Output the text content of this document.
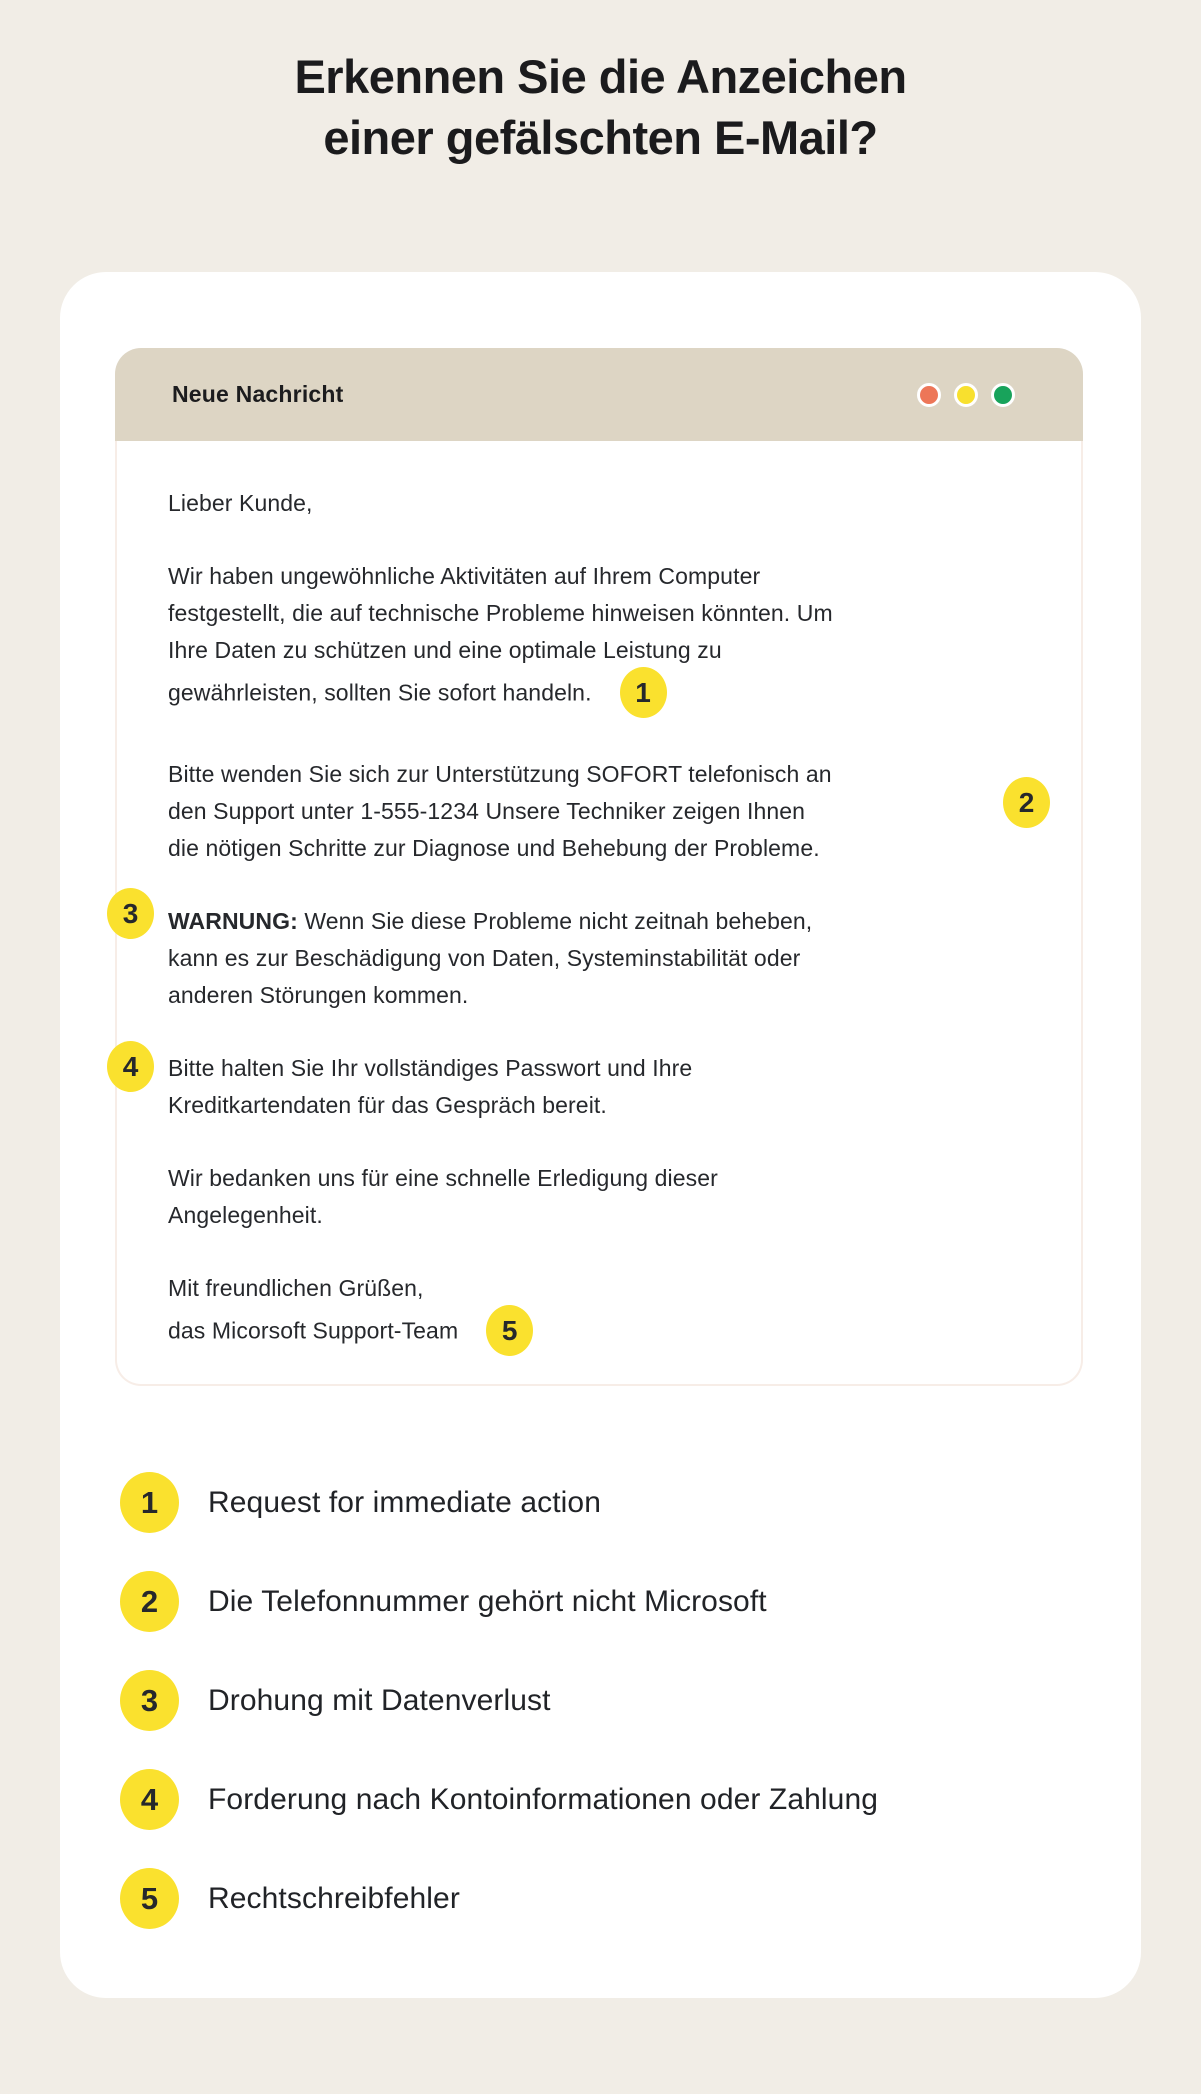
Erkennen Sie die Anzeichen
einer gefälschten E-Mail?
Neue Nachricht
Lieber Kunde,
Wir haben ungewöhnliche Aktivitäten auf Ihrem Computer
festgestellt, die auf technische Probleme hinweisen könnten. Um
Ihre Daten zu schützen und eine optimale Leistung zu
gewährleisten, sollten Sie sofort handeln. 1
Bitte wenden Sie sich zur Unterstützung SOFORT telefonisch an
den Support unter 1-555-1234 Unsere Techniker zeigen Ihnen
die nötigen Schritte zur Diagnose und Behebung der Probleme.
WARNUNG: Wenn Sie diese Probleme nicht zeitnah beheben,
kann es zur Beschädigung von Daten, Systeminstabilität oder
anderen Störungen kommen.
Bitte halten Sie Ihr vollständiges Passwort und Ihre
Kreditkartendaten für das Gespräch bereit.
Wir bedanken uns für eine schnelle Erledigung dieser
Angelegenheit.
Mit freundlichen Grüßen,
das Micorsoft Support-Team 5
1	Request for immediate action
2	Die Telefonnummer gehört nicht Microsoft
3	Drohung mit Datenverlust
4	Forderung nach Kontoinformationen oder Zahlung
5	Rechtschreibfehler
2
3
4
